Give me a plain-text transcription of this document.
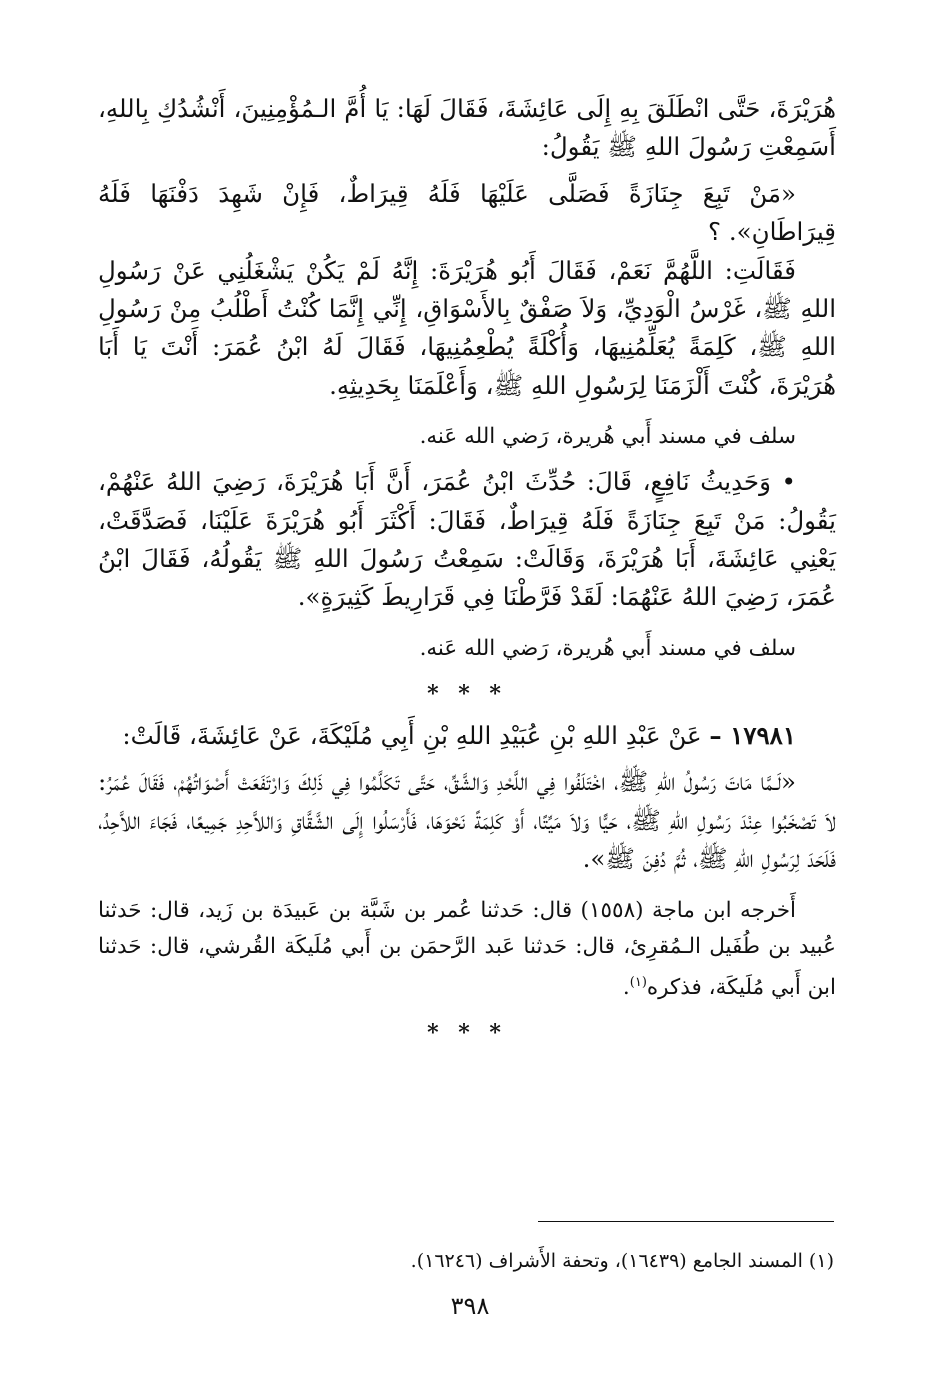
هُرَيْرَةَ، حَتَّى انْطَلَقَ بِهِ إِلَى عَائِشَةَ، فَقَالَ لَهَا: يَا أُمَّ الـمُؤْمِنِينَ، أَنْشُدُكِ بِاللهِ، أَسَمِعْتِ رَسُولَ اللهِ ﷺ يَقُولُ:

«مَنْ تَبِعَ جِنَازَةً فَصَلَّى عَلَيْهَا فَلَهُ قِيرَاطٌ، فَإِنْ شَهِدَ دَفْنَهَا فَلَهُ قِيرَاطَانِ». ؟

فَقَالَتِ: اللَّهُمَّ نَعَمْ، فَقَالَ أَبُو هُرَيْرَةَ: إِنَّهُ لَمْ يَكُنْ يَشْغَلُنِي عَنْ رَسُولِ اللهِ ﷺ، غَرْسُ الْوَدِيِّ، وَلاَ صَفْقٌ بِالأَسْوَاقِ، إِنِّي إِنَّمَا كُنْتُ أَطْلُبُ مِنْ رَسُولِ اللهِ ﷺ، كَلِمَةً يُعَلِّمُنِيهَا، وَأُكْلَةً يُطْعِمُنِيهَا، فَقَالَ لَهُ ابْنُ عُمَرَ: أَنْتَ يَا أَبَا هُرَيْرَةَ، كُنْتَ أَلْزَمَنَا لِرَسُولِ اللهِ ﷺ، وَأَعْلَمَنَا بِحَدِيثِهِ.

سلف في مسند أَبي هُريرة، رَضي الله عَنه.

• وَحَدِيثُ نَافِعٍ، قَالَ: حُدِّثَ ابْنُ عُمَرَ، أَنَّ أَبَا هُرَيْرَةَ، رَضِيَ اللهُ عَنْهُمْ، يَقُولُ: مَنْ تَبِعَ جِنَازَةً فَلَهُ قِيرَاطٌ، فَقَالَ: أَكْثَرَ أَبُو هُرَيْرَةَ عَلَيْنَا، فَصَدَّقَتْ، يَعْنِي عَائِشَةَ، أَبَا هُرَيْرَةَ، وَقَالَتْ: سَمِعْتُ رَسُولَ اللهِ ﷺ يَقُولُهُ، فَقَالَ ابْنُ عُمَرَ، رَضِيَ اللهُ عَنْهُمَا: لَقَدْ فَرَّطْنَا فِي قَرَارِيطَ كَثِيرَةٍ».

سلف في مسند أَبي هُريرة، رَضي الله عَنه.

* * *

١٧٩٨١ – عَنْ عَبْدِ اللهِ بْنِ عُبَيْدِ اللهِ بْنِ أَبِي مُلَيْكَةَ، عَنْ عَائِشَةَ، قَالَتْ:

«لَـمَّا مَاتَ رَسُولُ اللهِ ﷺ، اخْتَلَفُوا فِي اللَّحْدِ وَالشَّقِّ، حَتَّى تَكَلَّمُوا فِي ذَلِكَ وَارْتَفَعَتْ أَصْوَاتُهُمْ، فَقَالَ عُمَرُ: لاَ تَصْخَبُوا عِنْدَ رَسُولِ اللهِ ﷺ، حَيًّا وَلاَ مَيِّتًا، أَوْ كَلِمَةً نَحْوَهَا، فَأَرْسَلُوا إِلَى الشَّقَّاقِ وَاللاَّحِدِ جَمِيعًا، فَجَاءَ اللاَّحِدُ، فَلَحَدَ لِرَسُولِ اللهِ ﷺ، ثُمَّ دُفِنَ ﷺ».

أَخرجه ابن ماجة (١٥٥٨) قال: حَدثنا عُمر بن شَبَّة بن عَبيدَة بن زَيد، قال: حَدثنا عُبيد بن طُفَيل الـمُقرِئ، قال: حَدثنا عَبد الرَّحمَن بن أَبي مُلَيكَة القُرشي، قال: حَدثنا ابن أَبي مُلَيكَة، فذكره$^{(١)}$.

* * *

(١) المسند الجامع (١٦٤٣٩)، وتحفة الأَشراف (١٦٢٤٦).

٣٩٨
